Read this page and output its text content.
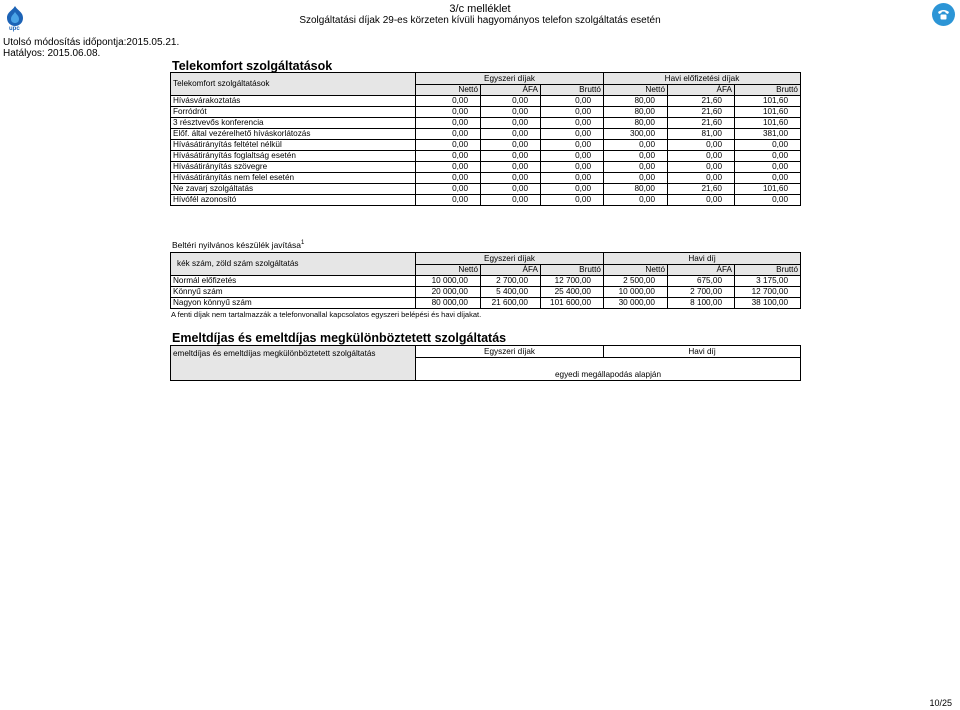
upc
3/c melléklet
Szolgáltatási díjak 29-es körzeten kívüli hagyományos telefon szolgáltatás esetén
Utolsó módosítás időpontja:2015.05.21.
Hatályos: 2015.06.08.
Telekomfort szolgáltatások
Telekomfort szolgáltatások	Egyszeri díjak			Havi előfizetési díjak		
	Nettó	ÁFA	Bruttó	Nettó	ÁFA	Bruttó
Hívásvárakoztatás	0,00	0,00	0,00	80,00	21,60	101,60
Forródrót	0,00	0,00	0,00	80,00	21,60	101,60
3 résztvevős konferencia	0,00	0,00	0,00	80,00	21,60	101,60
Előf. által vezérelhető híváskorlátozás	0,00	0,00	0,00	300,00	81,00	381,00
Hívásátirányítás feltétel nélkül	0,00	0,00	0,00	0,00	0,00	0,00
Hívásátirányítás foglaltság esetén	0,00	0,00	0,00	0,00	0,00	0,00
Hívásátirányítás szövegre	0,00	0,00	0,00	0,00	0,00	0,00
Hívásátirányítás nem felel esetén	0,00	0,00	0,00	0,00	0,00	0,00
Ne zavarj szolgáltatás	0,00	0,00	0,00	80,00	21,60	101,60
Hívófél azonosító	0,00	0,00	0,00	0,00	0,00	0,00
Beltéri nyilvános készülék javítása$^1$
kék szám, zöld szám szolgáltatás	Egyszeri díjak			Havi díj		
	Nettó	ÁFA	Bruttó	Nettó	ÁFA	Bruttó
Normál előfizetés	10 000,00	2 700,00	12 700,00	2 500,00	675,00	3 175,00
Könnyű szám	20 000,00	5 400,00	25 400,00	10 000,00	2 700,00	12 700,00
Nagyon könnyű szám	80 000,00	21 600,00	101 600,00	30 000,00	8 100,00	38 100,00
A fenti díjak nem tartalmazzák a telefonvonallal kapcsolatos egyszeri belépési és havi díjakat.
Emeltdíjas és emeltdíjas megkülönböztetett szolgáltatás
emeltdíjas és emeltdíjas megkülönböztetett szolgáltatás	Egyszeri díjak	Havi díj
egyedi megállapodás alapján
10/25
